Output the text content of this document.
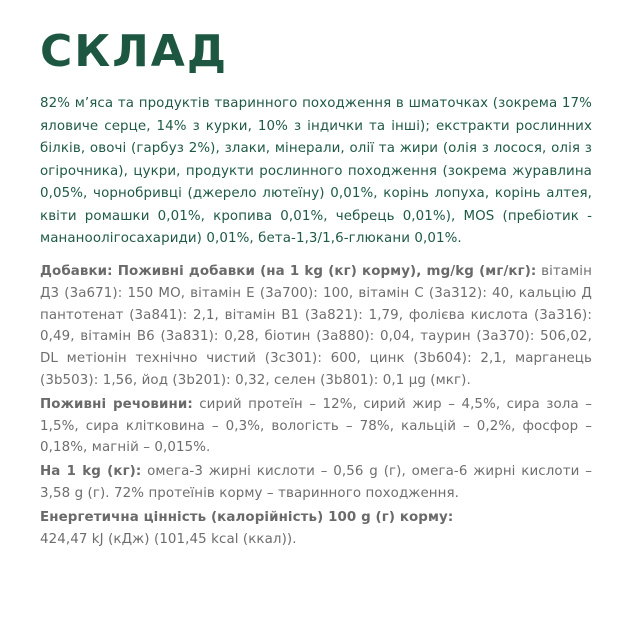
СКЛАД

82% м’яса та продуктів тваринного походження в шматочках (зокрема 17% яловиче серце, 14% з курки, 10% з індички та інші); екстракти рослинних білків, овочі (гарбуз 2%), злаки, мінерали, олії та жири (олія з лосося, олія з огірочника), цукри, продукти рослинного походження (зокрема журавлина 0,05%, чорнобривці (джерело лютеїну) 0,01%, корінь лопуха, корінь алтея, квіти ромашки 0,01%, кропива 0,01%, чебрець 0,01%), MOS (пребіотик - мананоолігосахариди) 0,01%, бета-1,3/1,6-глюкани 0,01%.

Добавки: Поживні добавки (на 1 kg (кг) корму), mg/kg (мг/кг): вітамін Д3 (3a671): 150 МО, вітамін Е (3a700): 100, вітамін С (3a312): 40, кальцію Д пантотенат (3a841): 2,1, вітамін В1 (3a821): 1,79, фолієва кислота (3a316): 0,49, вітамін В6 (3a831): 0,28, біотин (3a880): 0,04, таурин (3a370): 506,02, DL метіонін технічно чистий (3c301): 600, цинк (3b604): 2,1, марганець (3b503): 1,56, йод (3b201): 0,32, селен (3b801): 0,1 µg (мкг).

Поживні речовини: сирий протеїн – 12%, сирий жир – 4,5%, сира зола – 1,5%, сира клітковина – 0,3%, вологість – 78%, кальцій – 0,2%, фосфор – 0,18%, магній – 0,015%.

На 1 kg (кг): омега-3 жирні кислоти – 0,56 g (г), омега-6 жирні кислоти – 3,58 g (г). 72% протеїнів корму – тваринного походження.

Енергетична цінність (калорійність) 100 g (г) корму:
424,47 kJ (кДж) (101,45 kcal (ккал)).
